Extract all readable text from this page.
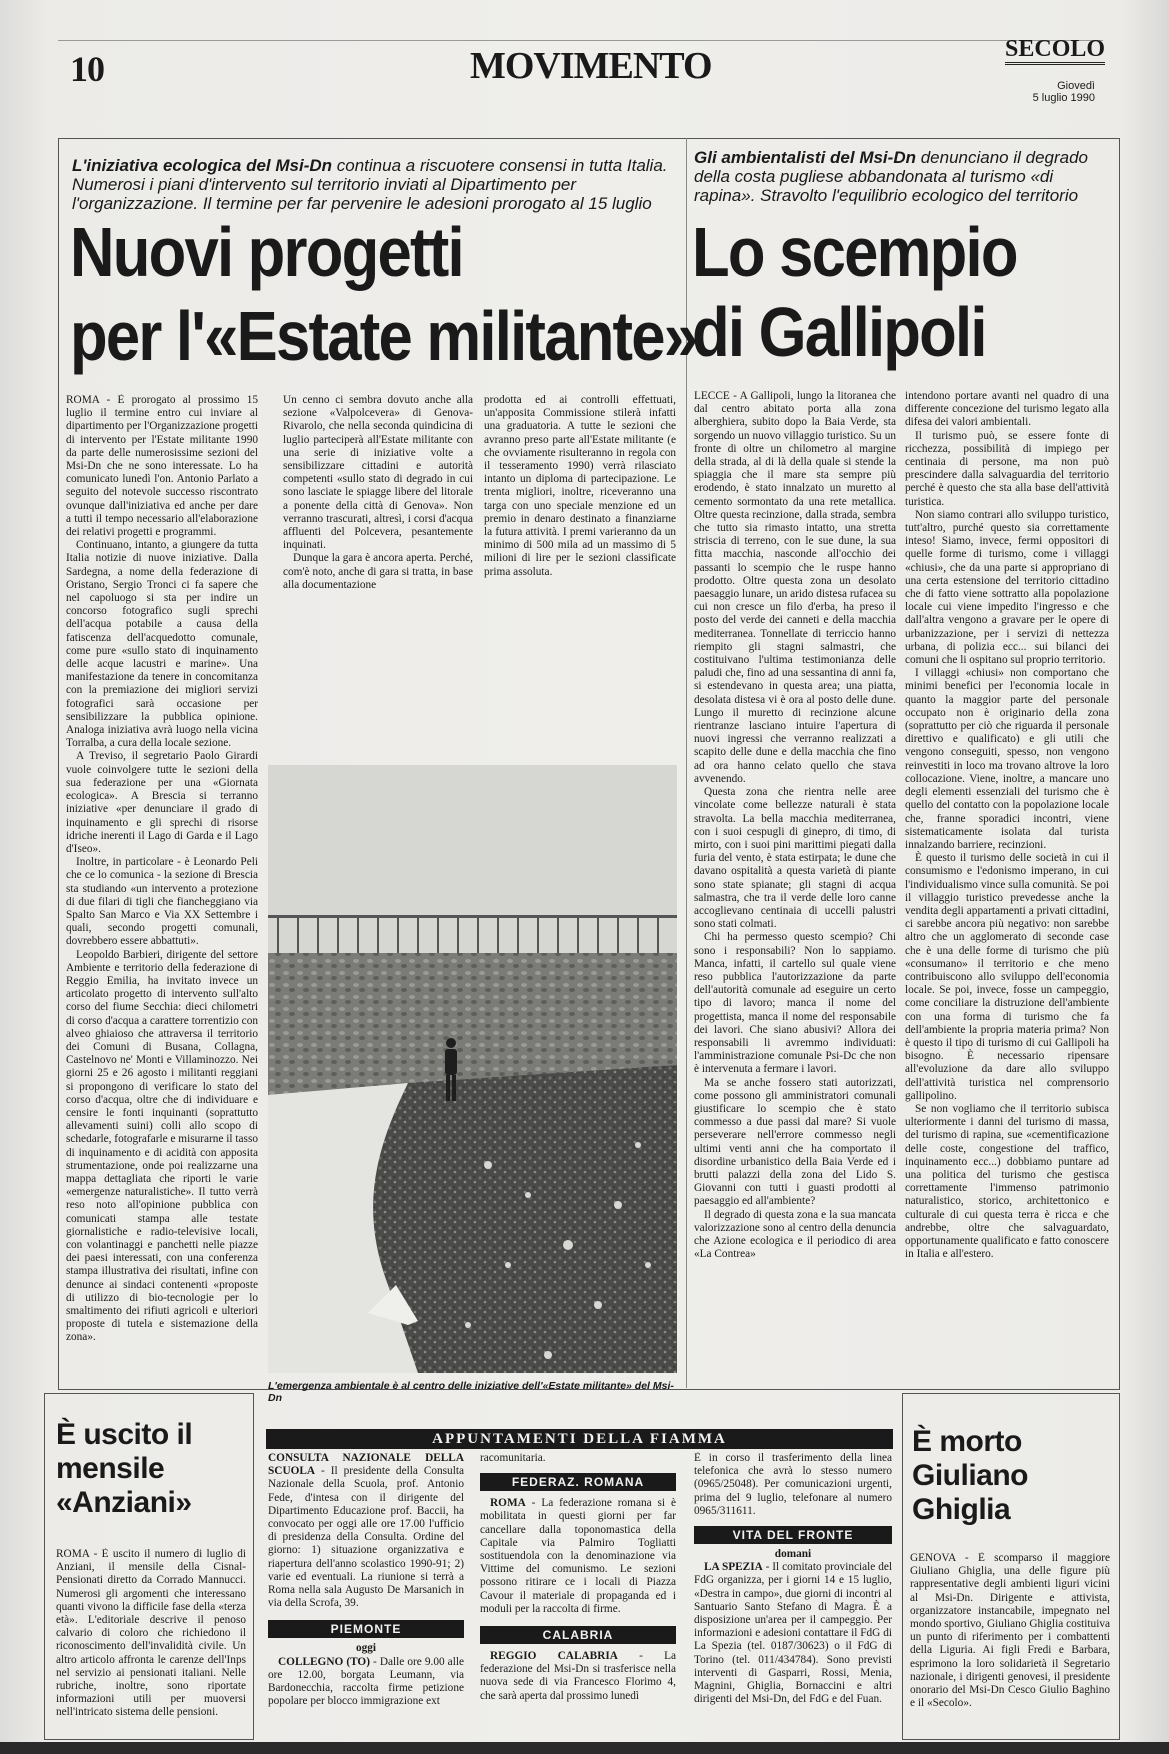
10	MOVIMENTO	SECOLO
Giovedì
5 luglio 1990
L'iniziativa ecologica del Msi-Dn continua a riscuotere consensi in tutta Italia. Numerosi i piani d'intervento sul territorio inviati al Dipartimento per l'organizzazione. Il termine per far pervenire le adesioni prorogato al 15 luglio
Nuovi progetti
per l'«Estate militante»

ROMA - È prorogato al prossimo 15 luglio il termine entro cui inviare al dipartimento per l'Organizzazione progetti di intervento per l'Estate militante 1990 da parte delle numerosissime sezioni del Msi-Dn che ne sono interessate. Lo ha comunicato lunedì l'on. Antonio Parlato a seguito del notevole successo riscontrato ovunque dall'iniziativa ed anche per dare a tutti il tempo necessario all'elaborazione dei relativi progetti e programmi.

Continuano, intanto, a giungere da tutta Italia notizie di nuove iniziative. Dalla Sardegna, a nome della federazione di Oristano, Sergio Tronci ci fa sapere che nel capoluogo si sta per indire un concorso fotografico sugli sprechi dell'acqua potabile a causa della fatiscenza dell'acquedotto comunale, come pure «sullo stato di inquinamento delle acque lacustri e marine». Una manifestazione da tenere in concomitanza con la premiazione dei migliori servizi fotografici sarà occasione per sensibilizzare la pubblica opinione. Analoga iniziativa avrà luogo nella vicina Torralba, a cura della locale sezione.

A Treviso, il segretario Paolo Girardi vuole coinvolgere tutte le sezioni della sua federazione per una «Giornata ecologica». A Brescia si terranno iniziative «per denunciare il grado di inquinamento e gli sprechi di risorse idriche inerenti il Lago di Garda e il Lago d'Iseo».

Inoltre, in particolare - è Leonardo Peli che ce lo comunica - la sezione di Brescia sta studiando «un intervento a protezione di due filari di tigli che fiancheggiano via Spalto San Marco e Via XX Settembre i quali, secondo progetti comunali, dovrebbero essere abbattuti».

Leopoldo Barbieri, dirigente del settore Ambiente e territorio della federazione di Reggio Emilia, ha invitato invece un articolato progetto di intervento sull'alto corso del fiume Secchia: dieci chilometri di corso d'acqua a carattere torrentizio con alveo ghiaioso che attraversa il territorio dei Comuni di Busana, Collagna, Castelnovo ne' Monti e Villaminozzo. Nei giorni 25 e 26 agosto i militanti reggiani si propongono di verificare lo stato del corso d'acqua, oltre che di individuare e censire le fonti inquinanti (soprattutto allevamenti suini) colli allo scopo di schedarle, fotografarle e misurarne il tasso di inquinamento e di acidità con apposita strumentazione, onde poi realizzarne una mappa dettagliata che riporti le varie «emergenze naturalistiche». Il tutto verrà reso noto all'opinione pubblica con comunicati stampa alle testate giornalistiche e radio-televisive locali, con volantinaggi e panchetti nelle piazze dei paesi interessati, con una conferenza stampa illustrativa dei risultati, infine con denunce ai sindaci contenenti «proposte di utilizzo di bio-tecnologie per lo smaltimento dei rifiuti agricoli e ulteriori proposte di tutela e sistemazione della zona».

Un cenno ci sembra dovuto anche alla sezione «Valpolcevera» di Genova-Rivarolo, che nella seconda quindicina di luglio parteciperà all'Estate militante con una serie di iniziative volte a sensibilizzare cittadini e autorità competenti «sullo stato di degrado in cui sono lasciate le spiagge libere del litorale a ponente della città di Genova». Non verranno trascurati, altresì, i corsi d'acqua affluenti del Polcevera, pesantemente inquinati.

Dunque la gara è ancora aperta. Perché, com'è noto, anche di gara si tratta, in base alla documentazione

prodotta ed ai controlli effettuati, un'apposita Commissione stilerà infatti una graduatoria. A tutte le sezioni che avranno preso parte all'Estate militante (e che ovviamente risulteranno in regola con il tesseramento 1990) verrà rilasciato intanto un diploma di partecipazione. Le trenta migliori, inoltre, riceveranno una targa con uno speciale menzione ed un premio in denaro destinato a finanziarne la futura attività. I premi varieranno da un minimo di 500 mila ad un massimo di 5 milioni di lire per le sezioni classificate prima assoluta.

L'emergenza ambientale è al centro delle iniziative dell'«Estate militante» del Msi-Dn
Gli ambientalisti del Msi-Dn denunciano il degrado della costa pugliese abbandonata al turismo «di rapina». Stravolto l'equilibrio ecologico del territorio
Lo scempio
di Gallipoli

LECCE - A Gallipoli, lungo la litoranea che dal centro abitato porta alla zona alberghiera, subito dopo la Baia Verde, sta sorgendo un nuovo villaggio turistico. Su un fronte di oltre un chilometro al margine della strada, al di là della quale si stende la spiaggia che il mare sta sempre più erodendo, è stato innalzato un muretto al cemento sormontato da una rete metallica. Oltre questa recinzione, dalla strada, sembra che tutto sia rimasto intatto, una stretta striscia di terreno, con le sue dune, la sua fitta macchia, nasconde all'occhio dei passanti lo scempio che le ruspe hanno prodotto. Oltre questa zona un desolato paesaggio lunare, un arido distesa rufacea su cui non cresce un filo d'erba, ha preso il posto del verde dei canneti e della macchia mediterranea. Tonnellate di terriccio hanno riempito gli stagni salmastri, che costituivano l'ultima testimonianza delle paludi che, fino ad una sessantina di anni fa, si estendevano in questa area; una piatta, desolata distesa vi è ora al posto delle dune. Lungo il muretto di recinzione alcune rientranze lasciano intuire l'apertura di nuovi ingressi che verranno realizzati a scapito delle dune e della macchia che fino ad ora hanno celato quello che stava avvenendo.

Questa zona che rientra nelle aree vincolate come bellezze naturali è stata stravolta. La bella macchia mediterranea, con i suoi cespugli di ginepro, di timo, di mirto, con i suoi pini marittimi piegati dalla furia del vento, è stata estirpata; le dune che davano ospitalità a questa varietà di piante sono state spianate; gli stagni di acqua salmastra, che tra il verde delle loro canne accoglievano centinaia di uccelli palustri sono stati colmati.

Chi ha permesso questo scempio? Chi sono i responsabili? Non lo sappiamo. Manca, infatti, il cartello sul quale viene reso pubblica l'autorizzazione da parte dell'autorità comunale ad eseguire un certo tipo di lavoro; manca il nome del progettista, manca il nome del responsabile dei lavori. Che siano abusivi? Allora dei responsabili li avremmo individuati: l'amministrazione comunale Psi-Dc che non è intervenuta a fermare i lavori.

Ma se anche fossero stati autorizzati, come possono gli amministratori comunali giustificare lo scempio che è stato commesso a due passi dal mare? Si vuole perseverare nell'errore commesso negli ultimi venti anni che ha comportato il disordine urbanistico della Baia Verde ed i brutti palazzi della zona del Lido S. Giovanni con tutti i guasti prodotti al paesaggio ed all'ambiente?

Il degrado di questa zona e la sua mancata valorizzazione sono al centro della denuncia che Azione ecologica e il periodico di area «La Contrea»

intendono portare avanti nel quadro di una differente concezione del turismo legato alla difesa dei valori ambientali.

Il turismo può, se essere fonte di ricchezza, possibilità di impiego per centinaia di persone, ma non può prescindere dalla salvaguardia del territorio perché è questo che sta alla base dell'attività turistica.

Non siamo contrari allo sviluppo turistico, tutt'altro, purché questo sia correttamente inteso! Siamo, invece, fermi oppositori di quelle forme di turismo, come i villaggi «chiusi», che da una parte si appropriano di una certa estensione del territorio cittadino che di fatto viene sottratto alla popolazione locale cui viene impedito l'ingresso e che dall'altra vengono a gravare per le opere di urbanizzazione, per i servizi di nettezza urbana, di polizia ecc... sui bilanci dei comuni che li ospitano sul proprio territorio.

I villaggi «chiusi» non comportano che minimi benefici per l'economia locale in quanto la maggior parte del personale occupato non è originario della zona (soprattutto per ciò che riguarda il personale direttivo e qualificato) e gli utili che vengono conseguiti, spesso, non vengono reinvestiti in loco ma trovano altrove la loro collocazione. Viene, inoltre, a mancare uno degli elementi essenziali del turismo che è quello del contatto con la popolazione locale che, franne sporadici incontri, viene sistematicamente isolata dal turista innalzando barriere, recinzioni.

È questo il turismo delle società in cui il consumismo e l'edonismo imperano, in cui l'individualismo vince sulla comunità. Se poi il villaggio turistico prevedesse anche la vendita degli appartamenti a privati cittadini, ci sarebbe ancora più negativo: non sarebbe altro che un agglomerato di seconde case che è una delle forme di turismo che più «consumano» il territorio e che meno contribuiscono allo sviluppo dell'economia locale. Se poi, invece, fosse un campeggio, come conciliare la distruzione dell'ambiente con una forma di turismo che fa dell'ambiente la propria materia prima? Non è questo il tipo di turismo di cui Gallipoli ha bisogno. È necessario ripensare all'evoluzione da dare allo sviluppo dell'attività turistica nel comprensorio gallipolino.

Se non vogliamo che il territorio subisca ulteriormente i danni del turismo di massa, del turismo di rapina, sue «cementificazione delle coste, congestione del traffico, inquinamento ecc...) dobbiamo puntare ad una politica del turismo che gestisca correttamente l'immenso patrimonio naturalistico, storico, architettonico e culturale di cui questa terra è ricca e che andrebbe, oltre che salvaguardato, opportunamente qualificato e fatto conoscere in Italia e all'estero.

È uscito il mensile «Anziani»

ROMA - È uscito il numero di luglio di Anziani, il mensile della Cisnal-Pensionati diretto da Corrado Mannucci. Numerosi gli argomenti che interessano quanti vivono la difficile fase della «terza età». L'editoriale descrive il penoso calvario di coloro che richiedono il riconoscimento dell'invalidità civile. Un altro articolo affronta le carenze dell'Inps nel servizio ai pensionati italiani. Nelle rubriche, inoltre, sono riportate informazioni utili per muoversi nell'intricato sistema delle pensioni.

APPUNTAMENTI DELLA FIAMMA

CONSULTA NAZIONALE DELLA SCUOLA - Il presidente della Consulta Nazionale della Scuola, prof. Antonio Fede, d'intesa con il dirigente del Dipartimento Educazione prof. Baccii, ha convocato per oggi alle ore 17.00 l'ufficio di presidenza della Consulta. Ordine del giorno: 1) situazione organizzativa e riapertura dell'anno scolastico 1990-91; 2) varie ed eventuali. La riunione si terrà a Roma nella sala Augusto De Marsanich in via della Scrofa, 39.

PIEMONTE
oggi

COLLEGNO (TO) - Dalle ore 9.00 alle ore 12.00, borgata Leumann, via Bardonecchia, raccolta firme petizione popolare per blocco immigrazione ext

racomunitaria.

FEDERAZ. ROMANA

ROMA - La federazione romana si è mobilitata in questi giorni per far cancellare dalla toponomastica della Capitale via Palmiro Togliatti sostituendola con la denominazione via Vittime del comunismo. Le sezioni possono ritirare ce i locali di Piazza Cavour il materiale di propaganda ed i moduli per la raccolta di firme.

CALABRIA

REGGIO CALABRIA - La federazione del Msi-Dn si trasferisce nella nuova sede di via Francesco Florimo 4, che sarà aperta dal prossimo lunedì

È in corso il trasferimento della linea telefonica che avrà lo stesso numero (0965/25048). Per comunicazioni urgenti, prima del 9 luglio, telefonare al numero 0965/311611.

VITA DEL FRONTE
domani

LA SPEZIA - Il comitato provinciale del FdG organizza, per i giorni 14 e 15 luglio, «Destra in campo», due giorni di incontri al Santuario Santo Stefano di Magra. È a disposizione un'area per il campeggio. Per informazioni e adesioni contattare il FdG di La Spezia (tel. 0187/30623) o il FdG di Torino (tel. 011/434784). Sono previsti interventi di Gasparri, Rossi, Menia, Magnini, Ghiglia, Bornaccini e altri dirigenti del Msi-Dn, del FdG e del Fuan.

È morto Giuliano Ghiglia

GENOVA - È scomparso il maggiore Giuliano Ghiglia, una delle figure più rappresentative degli ambienti liguri vicini al Msi-Dn. Dirigente e attivista, organizzatore instancabile, impegnato nel mondo sportivo, Giuliano Ghiglia costituiva un punto di riferimento per i combattenti della Liguria. Ai figli Fredi e Barbara, esprimono la loro solidarietà il Segretario nazionale, i dirigenti genovesi, il presidente onorario del Msi-Dn Cesco Giulio Baghino e il «Secolo».
